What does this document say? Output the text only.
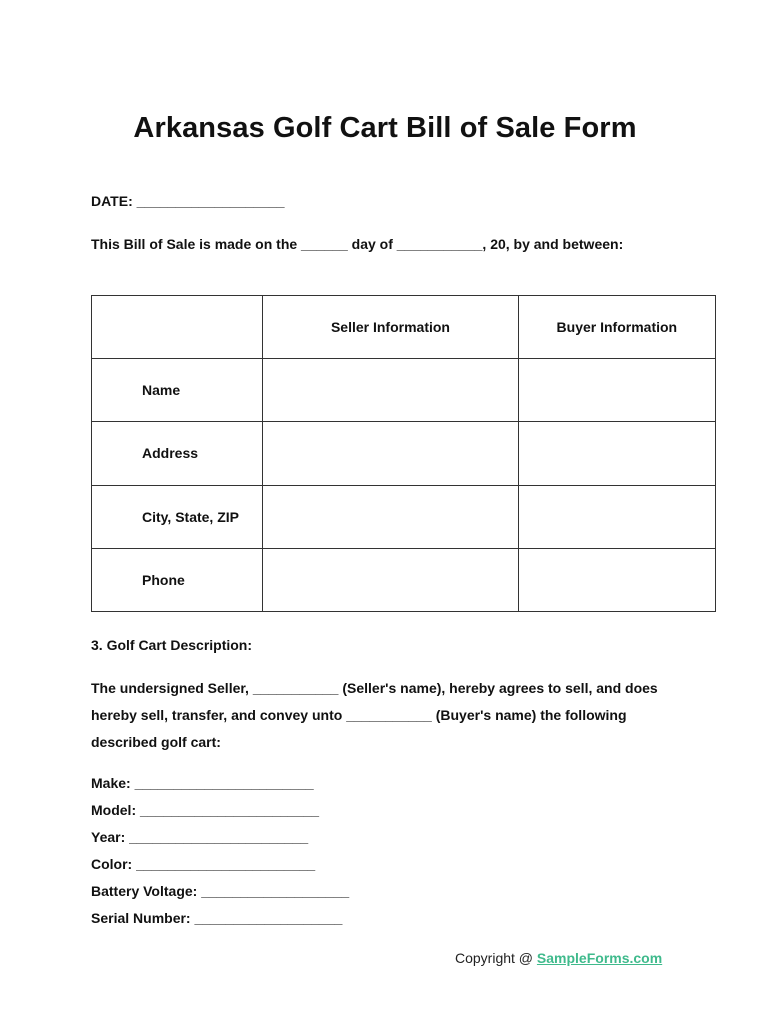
Arkansas Golf Cart Bill of Sale Form
DATE: ___________________
This Bill of Sale is made on the ______ day of ___________, 20, by and between:
	Seller Information	Buyer Information
Name		
Address		
City, State, ZIP		
Phone		
3. Golf Cart Description:
The undersigned Seller, ___________ (Seller's name), hereby agrees to sell, and does hereby sell, transfer, and convey unto ___________ (Buyer's name) the following described golf cart:
Make: _______________________
Model: _______________________
Year: _______________________
Color: _______________________
Battery Voltage: ___________________
Serial Number: ___________________
Copyright @ SampleForms.com
